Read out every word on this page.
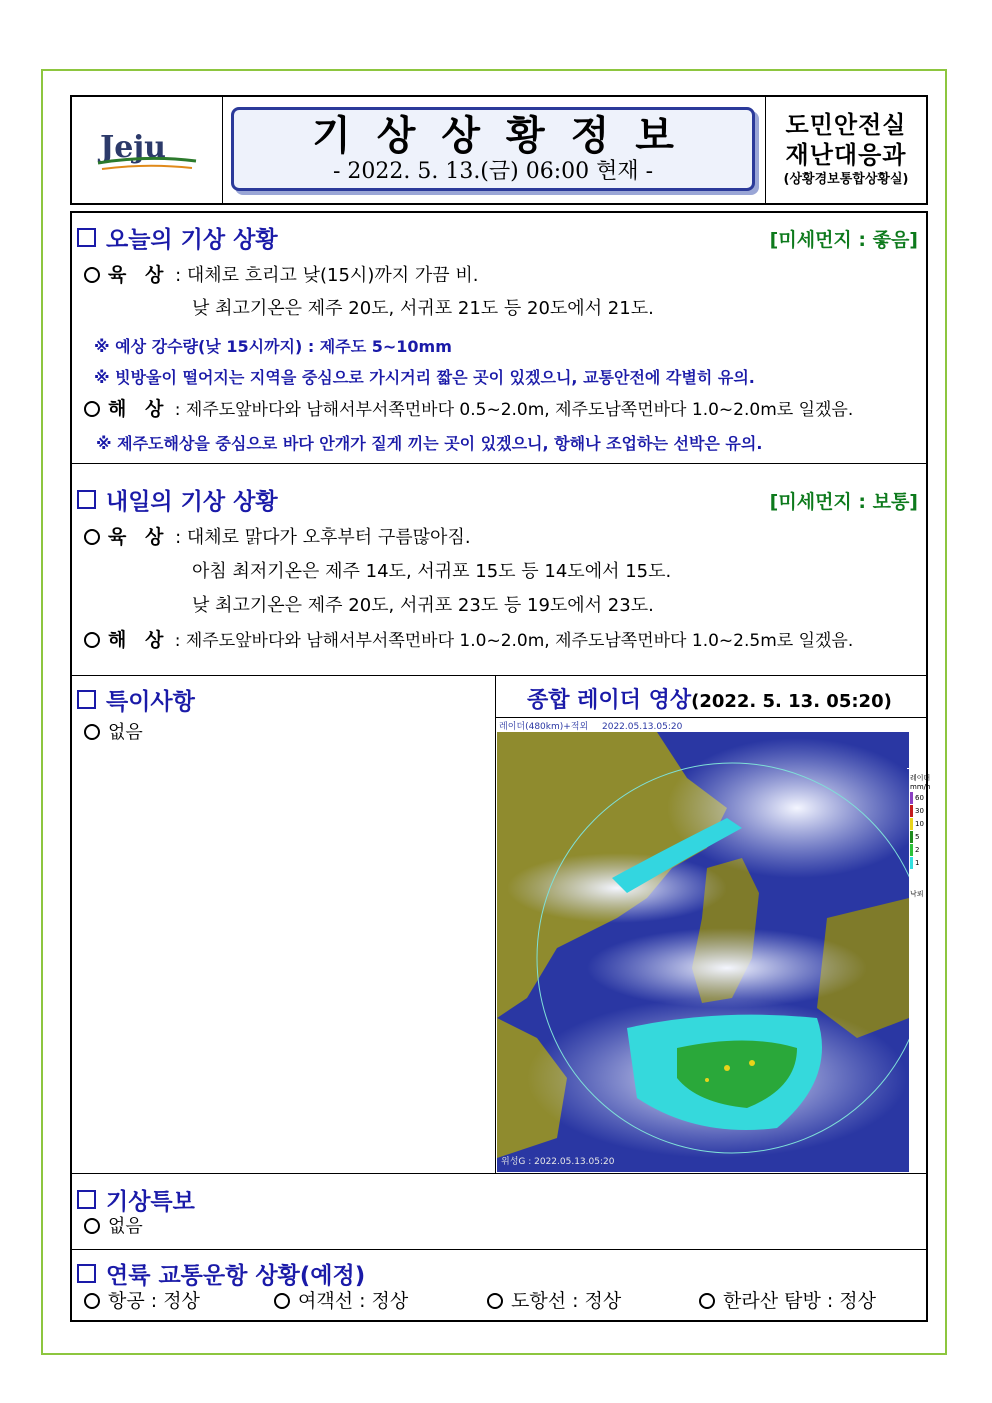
Jeju	기상상황정보
- 2022. 5. 13.(금) 06:00 현재 -
도민안전실
재난대응과
(상황경보통합상황실)
오늘의 기상 상황	[미세먼지 : 좋음]
육 상 : 대체로 흐리고 낮(15시)까지 가끔 비.
낮 최고기온은 제주 20도, 서귀포 21도 등 20도에서 21도.
※ 예상 강수량(낮 15시까지) : 제주도 5~10mm
※ 빗방울이 떨어지는 지역을 중심으로 가시거리 짧은 곳이 있겠으니, 교통안전에 각별히 유의.
해 상 : 제주도앞바다와 남해서부서쪽먼바다 0.5~2.0m, 제주도남쪽먼바다 1.0~2.0m로 일겠음.
※ 제주도해상을 중심으로 바다 안개가 짙게 끼는 곳이 있겠으니, 항해나 조업하는 선박은 유의.
내일의 기상 상황	[미세먼지 : 보통]
육 상 : 대체로 맑다가 오후부터 구름많아짐.
아침 최저기온은 제주 14도, 서귀포 15도 등 14도에서 15도.
낮 최고기온은 제주 20도, 서귀포 23도 등 19도에서 23도.
해 상 : 제주도앞바다와 남해서부서쪽먼바다 1.0~2.0m, 제주도남쪽먼바다 1.0~2.5m로 일겠음.
특이사항
없음
종합 레이더 영상(2022. 5. 13. 05:20)
레이더(480km)+적외 2022.05.13.05:20
위성G : 2022.05.13.05:20
레이더
mm/h
60
30
10
5
2
1
낙뢰
기상특보
없음
연륙 교통운항 상황(예정)
항공 : 정상	여객선 : 정상	도항선 : 정상	한라산 탐방 : 정상
